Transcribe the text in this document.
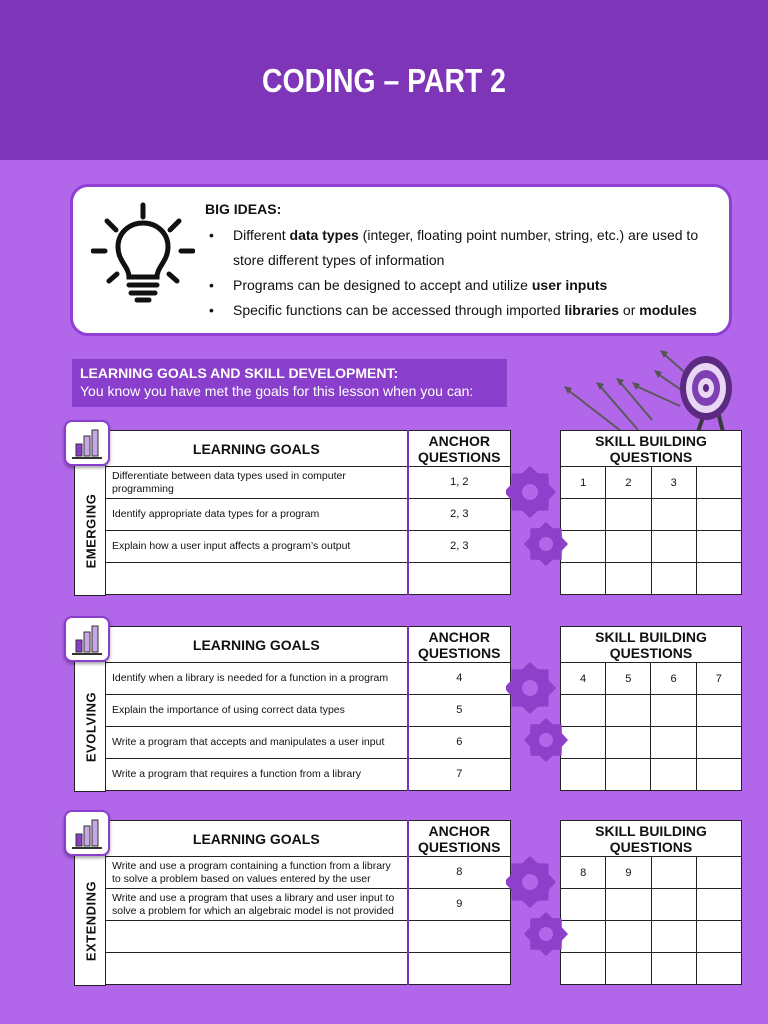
CODING – PART 2
BIG IDEAS:
• Different data types (integer, floating point number, string, etc.) are used to store different types of information
• Programs can be designed to accept and utilize user inputs
• Specific functions can be accessed through imported libraries or modules
LEARNING GOALS AND SKILL DEVELOPMENT:
You know you have met the goals for this lesson when you can:
EMERGING
LEARNING GOALS	ANCHOR QUESTIONS
Differentiate between data types used in computer programming	1, 2
Identify appropriate data types for a program	2, 3
Explain how a user input affects a program’s output	2, 3

SKILL BUILDING QUESTIONS			
1	2	3	

EVOLVING
LEARNING GOALS	ANCHOR QUESTIONS
Identify when a library is needed for a function in a program	4
Explain the importance of using correct data types	5
Write a program that accepts and manipulates a user input	6
Write a program that requires a function from a library	7
SKILL BUILDING QUESTIONS			
4	5	6	7

EXTENDING
LEARNING GOALS	ANCHOR QUESTIONS
Write and use a program containing a function from a library to solve a problem based on values entered by the user	8
Write and use a program that uses a library and user input to solve a problem for which an algebraic model is not provided	9

SKILL BUILDING QUESTIONS			
8	9		
